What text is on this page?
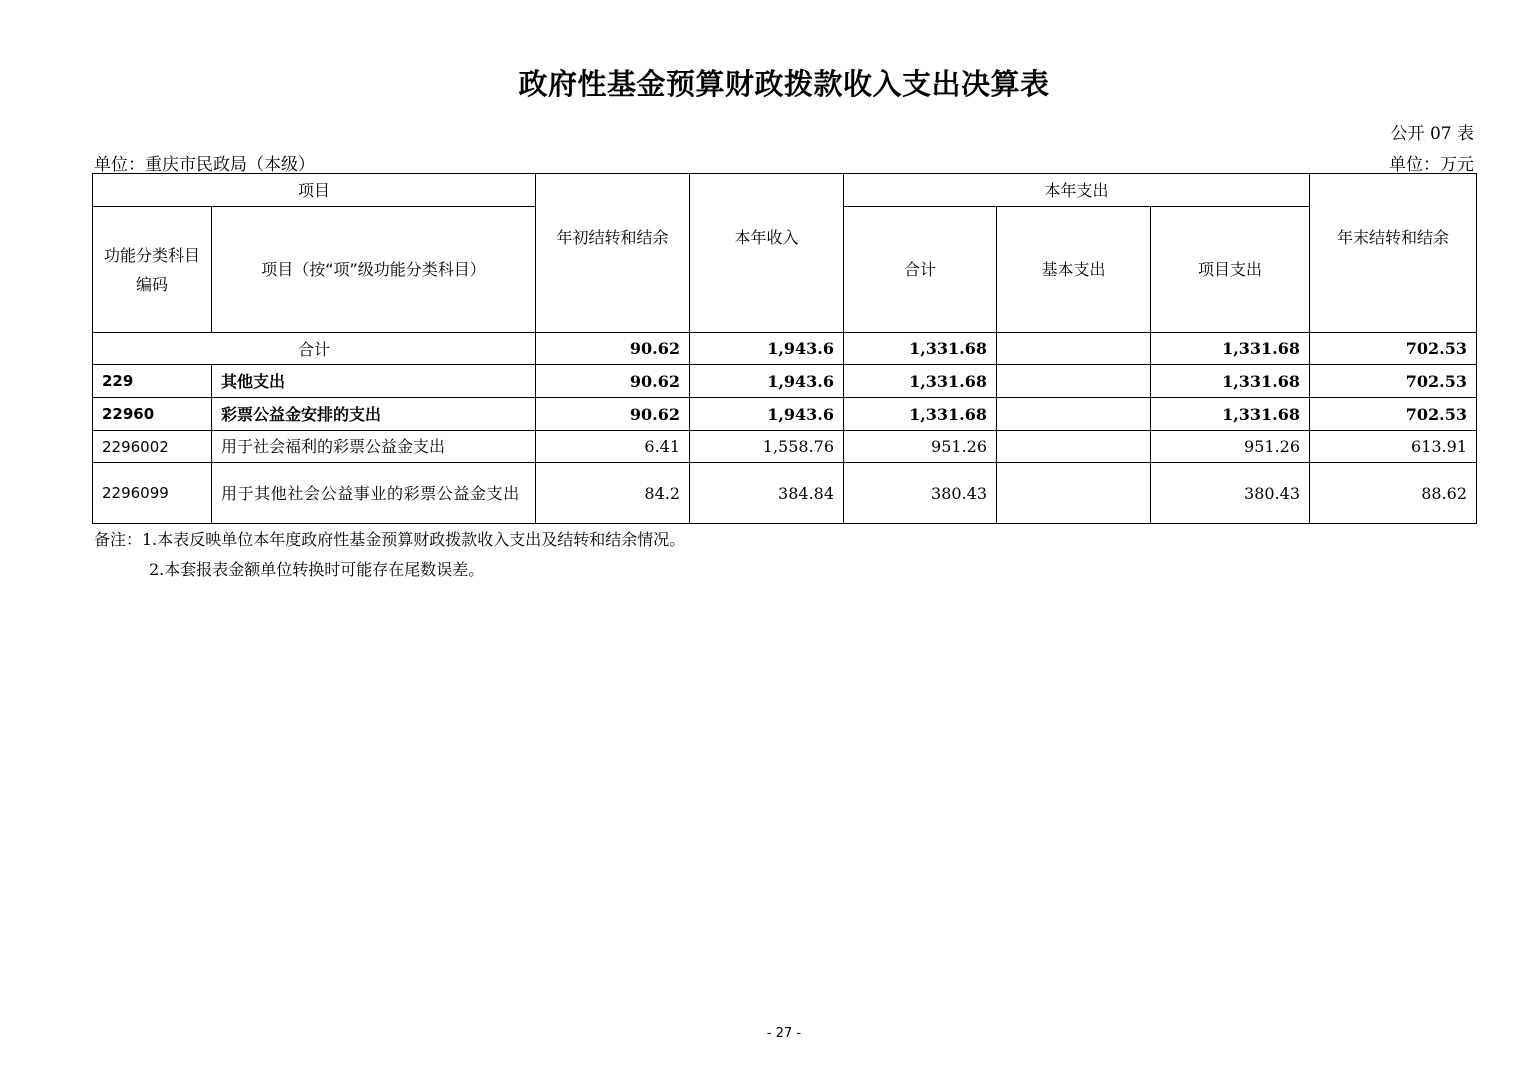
政府性基金预算财政拨款收入支出决算表
公开 07 表
单位：重庆市民政局（本级）	单位：万元
项目		年初结转和结余	本年收入	本年支出			年末结转和结余
功能分类科目编码	项目（按“项”级功能分类科目）			合计	基本支出	项目支出	
合计		90.62	1,943.6	1,331.68		1,331.68	702.53
229	其他支出	90.62	1,943.6	1,331.68		1,331.68	702.53
22960	彩票公益金安排的支出	90.62	1,943.6	1,331.68		1,331.68	702.53
2296002	用于社会福利的彩票公益金支出	6.41	1,558.76	951.26		951.26	613.91
2296099	用于其他社会公益事业的彩票公益金支出	84.2	384.84	380.43		380.43	88.62
备注：1.本表反映单位本年度政府性基金预算财政拨款收入支出及结转和结余情况。
2.本套报表金额单位转换时可能存在尾数误差。
- 27 -
